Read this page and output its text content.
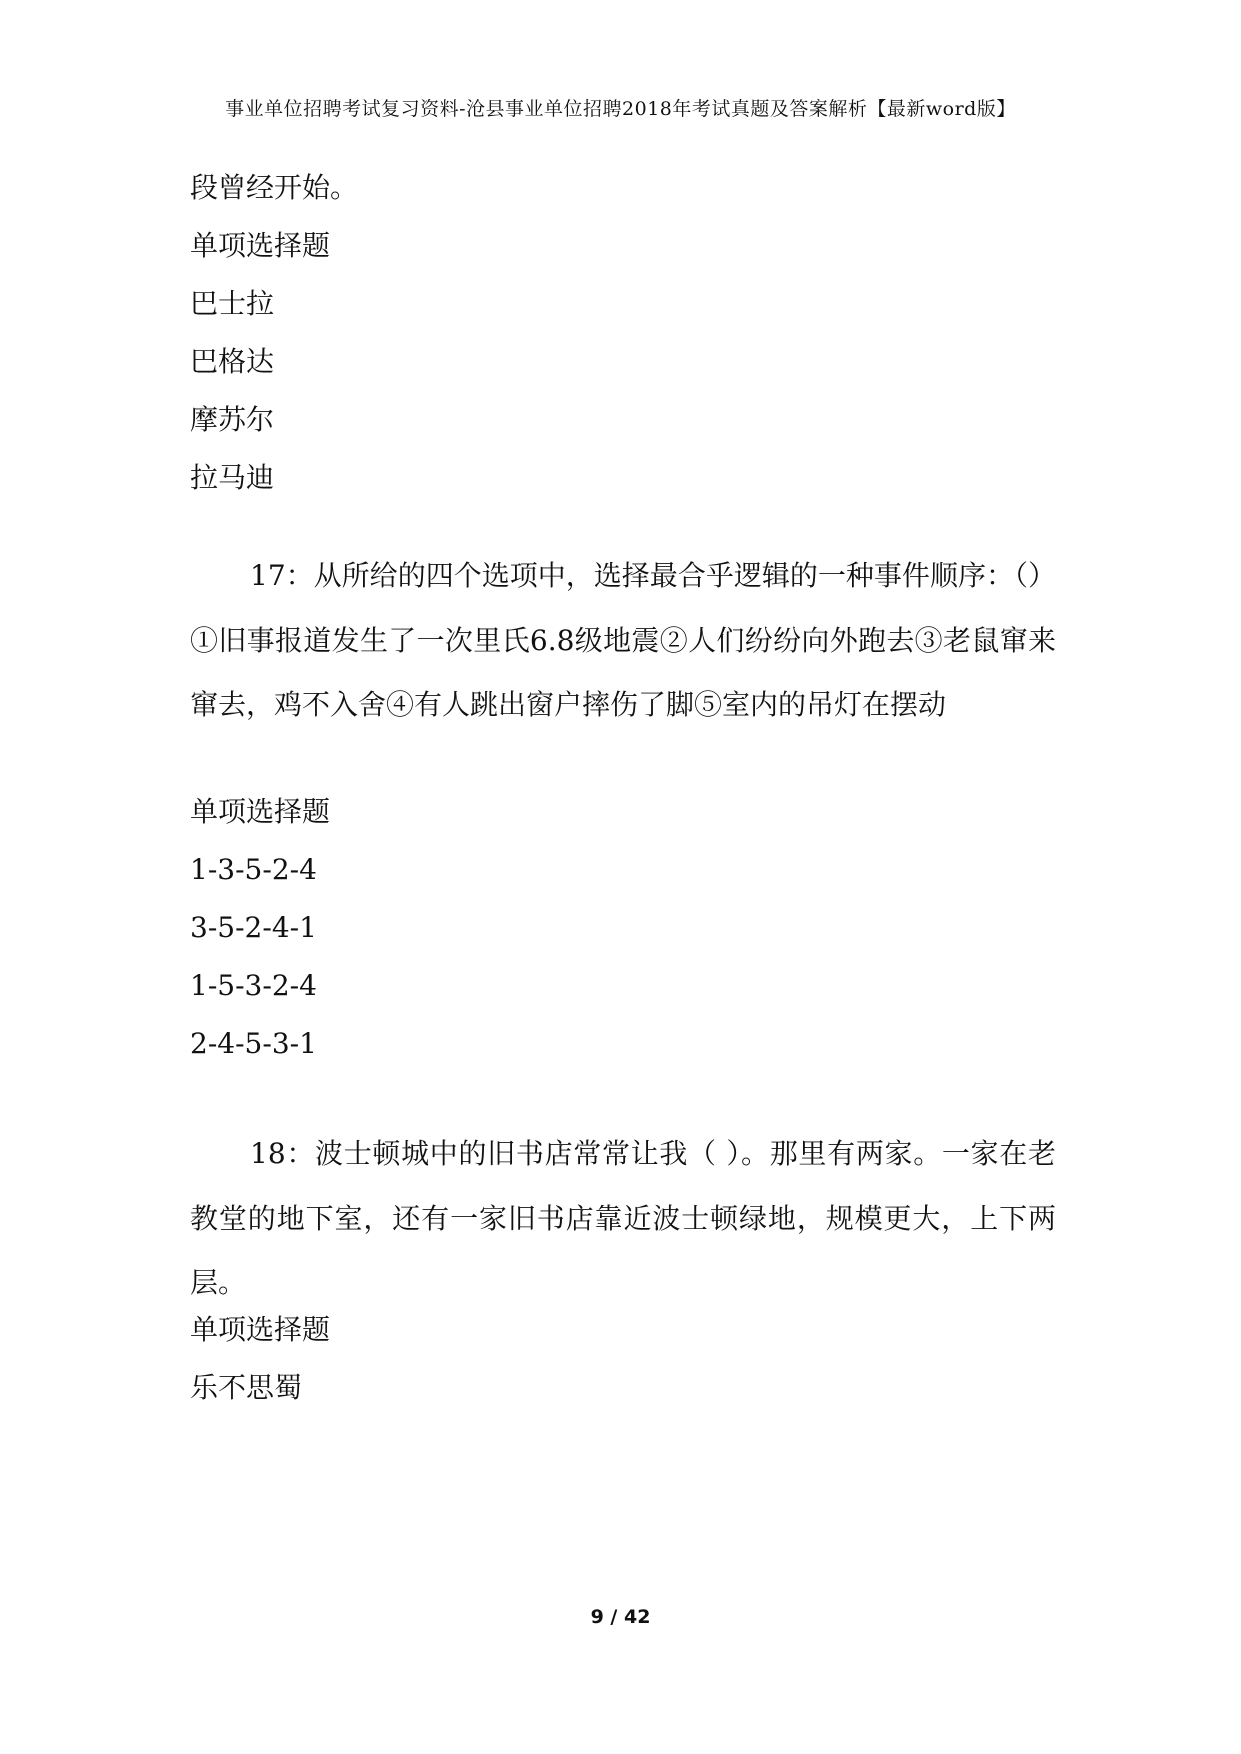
事业单位招聘考试复习资料-沧县事业单位招聘2018年考试真题及答案解析【最新word版】
段曾经开始。
单项选择题
巴士拉
巴格达
摩苏尔
拉马迪
17：从所给的四个选项中，选择最合乎逻辑的一种事件顺序：（）①旧事报道发生了一次里氏6.8级地震②人们纷纷向外跑去③老鼠窜来窜去，鸡不入舍④有人跳出窗户摔伤了脚⑤室内的吊灯在摆动
单项选择题
1-3-5-2-4
3-5-2-4-1
1-5-3-2-4
2-4-5-3-1
18：波士顿城中的旧书店常常让我（ ）。那里有两家。一家在老教堂的地下室，还有一家旧书店靠近波士顿绿地，规模更大，上下两层。
单项选择题
乐不思蜀
9 / 42
